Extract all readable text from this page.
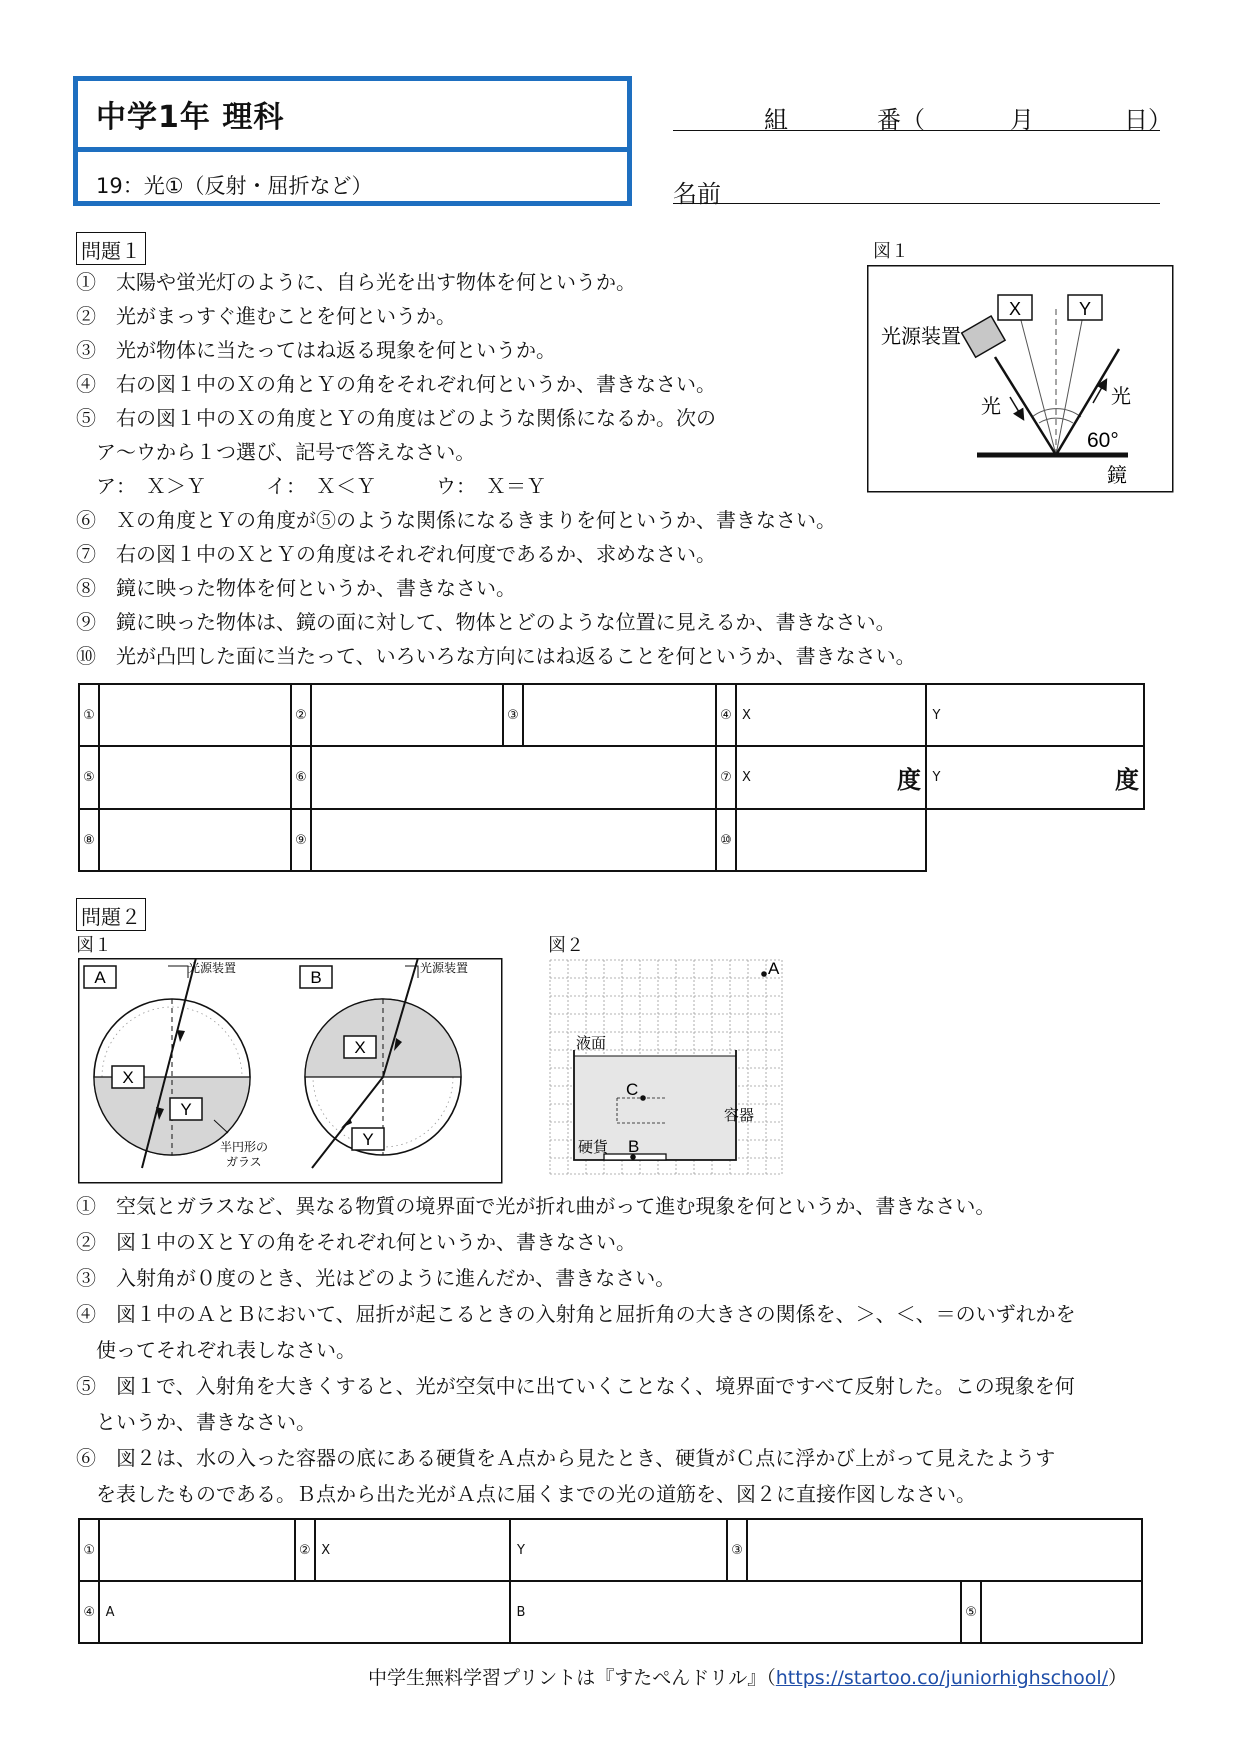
中学1年 理科
19：光①（反射・屈折など）
組	番（	月	日）
名前
問題１	図１
X	Y
光源装置
光	光
60°
鏡
①　太陽や蛍光灯のように、自ら光を出す物体を何というか。
②　光がまっすぐ進むことを何というか。
③　光が物体に当たってはね返る現象を何というか。
④　右の図１中のＸの角とＹの角をそれぞれ何というか、書きなさい。
⑤　右の図１中のＸの角度とＹの角度はどのような関係になるか。次の
　ア～ウから１つ選び、記号で答えなさい。
　ア：　Ｘ＞Ｙ　　　イ：　Ｘ＜Ｙ　　　ウ：　Ｘ＝Ｙ
⑥　Ｘの角度とＹの角度が⑤のような関係になるきまりを何というか、書きなさい。
⑦　右の図１中のＸとＹの角度はそれぞれ何度であるか、求めなさい。
⑧　鏡に映った物体を何というか、書きなさい。
⑨　鏡に映った物体は、鏡の面に対して、物体とどのような位置に見えるか、書きなさい。
⑩　光が凸凹した面に当たって、いろいろな方向にはね返ることを何というか、書きなさい。
①		②		③		④	X		Y	
⑤		⑥				⑦	X	度	Y	度
⑧		⑨				⑩				
問題２
図１	図２
X
Y
A	光源装置
半円形の
ガラス
X
Y
B	光源装置	A
液面
C
容器
硬貨 B
①　空気とガラスなど、異なる物質の境界面で光が折れ曲がって進む現象を何というか、書きなさい。
②　図１中のＸとＹの角をそれぞれ何というか、書きなさい。
③　入射角が０度のとき、光はどのように進んだか、書きなさい。
④　図１中のＡとＢにおいて、屈折が起こるときの入射角と屈折角の大きさの関係を、＞、＜、＝のいずれかを
　使ってそれぞれ表しなさい。
⑤　図１で、入射角を大きくすると、光が空気中に出ていくことなく、境界面ですべて反射した。この現象を何
　というか、書きなさい。
⑥　図２は、水の入った容器の底にある硬貨をＡ点から見たとき、硬貨がＣ点に浮かび上がって見えたようす
　を表したものである。Ｂ点から出た光がＡ点に届くまでの光の道筋を、図２に直接作図しなさい。
①			②	X		Y		③			
④	A					B				⑤	
中学生無料学習プリントは『すたぺんドリル』（https://startoo.co/juniorhighschool/）
